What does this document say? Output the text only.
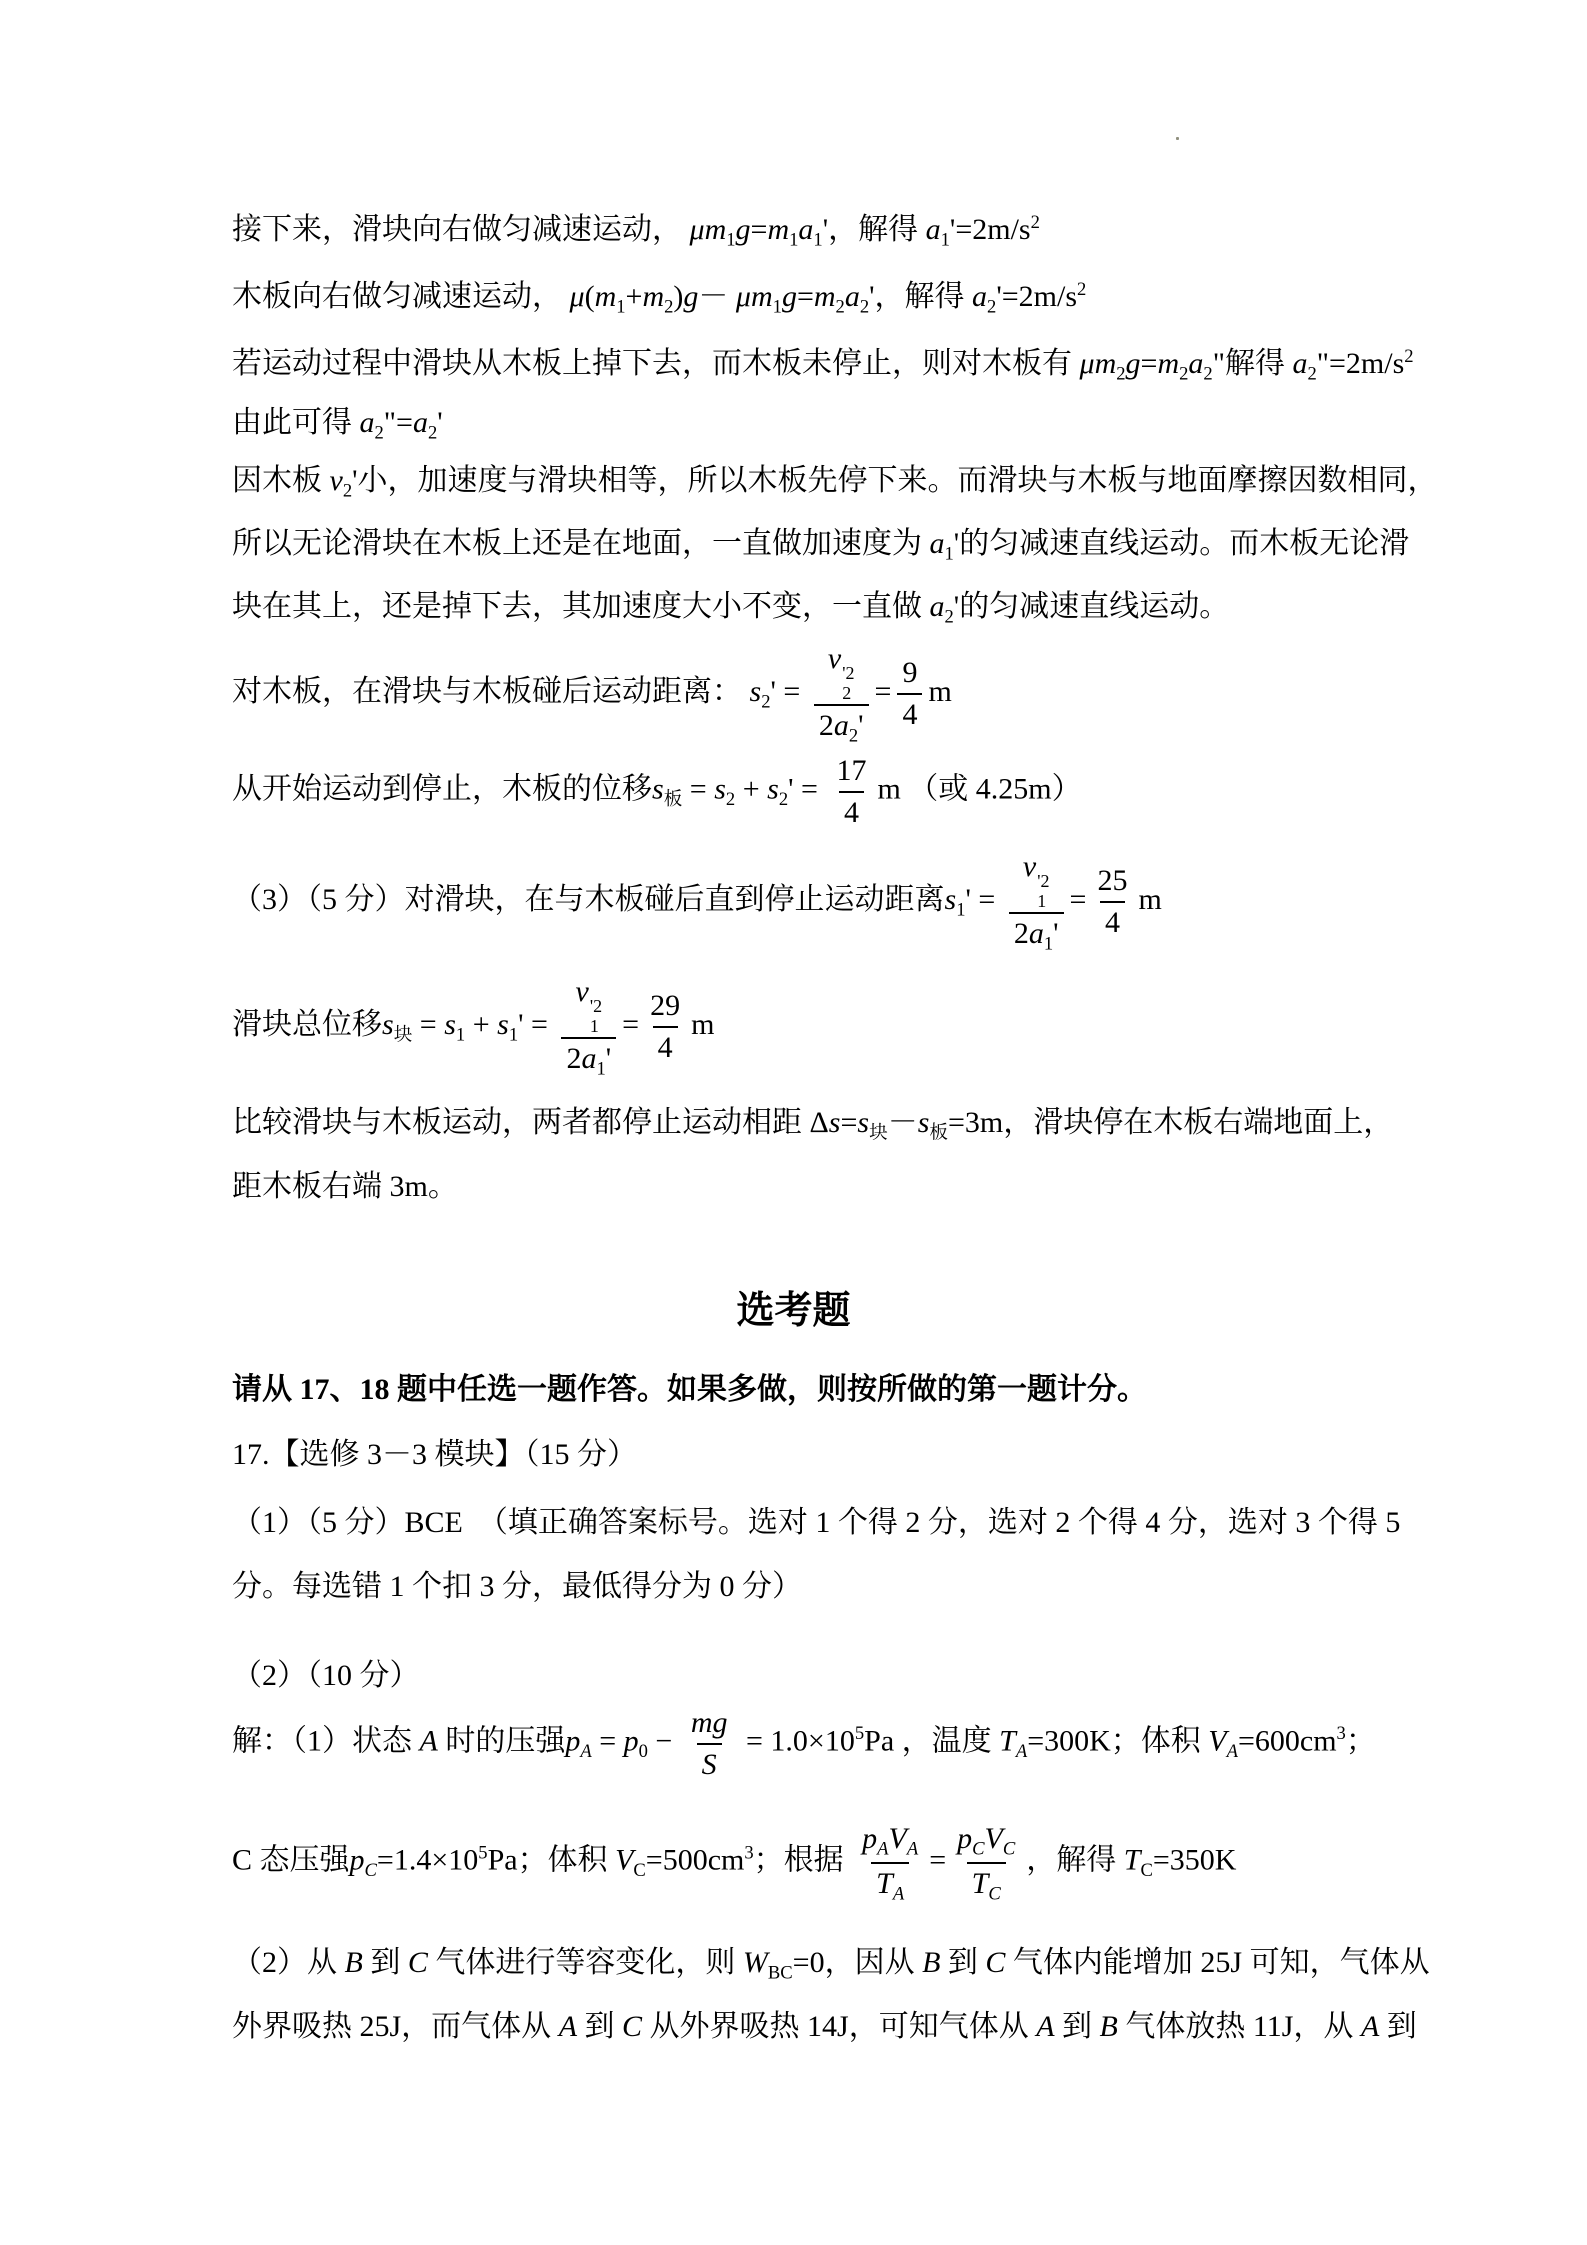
接下来，滑块向右做匀减速运动， $\mu m_1g=m_1a_1'$，解得 $a_1'=2m/s^2$
木板向右做匀减速运动， $\mu(m_1+m_2)g- \mu m_1g=m_2a_2'$，解得 $a_2'=2m/s^2$
若运动过程中滑块从木板上掉下去，而木板未停止，则对木板有 $\mu m_2g=m_2a_2$"解得 $a_2"=2m/s^2$
由此可得 $a_2"=a_2'$
因木板 $v_2'$小，加速度与滑块相等，所以木板先停下来。而滑块与木板与地面摩擦因数相同，
所以无论滑块在木板上还是在地面，一直做加速度为 $a_1'$的匀减速直线运动。而木板无论滑
块在其上，还是掉下去，其加速度大小不变，一直做 $a_2'$的匀减速直线运动。
对木板，在滑块与木板碰后运动距离： $s_2' = v$ '2
2
$2a_2' = \frac{9}{4}$ m
从开始运动到停止，木板的位移$s_板 = s_2 + s_2' = \frac{17}{4}$ m （或 4.25m）
（3）（5 分）对滑块，在与木板碰后直到停止运动距离$s_1' = v$ '2
1
$2a_1' = \frac{25}{4}$ m
滑块总位移$s_块 = s_1 + s_1' = v$ '2
1
$2a_1' = \frac{29}{4}$ m
比较滑块与木板运动，两者都停止运动相距 $\Delta s=s_块-s_板=3m$，滑块停在木板右端地面上，
距木板右端 3m。
选考题
请从 17、18 题中任选一题作答。如果多做，则按所做的第一题计分。
17.【选修 3－3 模块】（15 分）
（1）（5 分）BCE  （填正确答案标号。选对 1 个得 2 分，选对 2 个得 4 分，选对 3 个得 5
分。每选错 1 个扣 3 分，最低得分为 0 分）
（2）（10 分）
解：（1）状态 A 时的压强$p_A = p_0 - \frac{mg}{S} = 1.0\times 10^5Pa$ ，温度 $T_A=300K$；体积 $V_A=600cm^3$；
C 态压强$p_C=1.4\times 10^5Pa$；体积 $V_C=500cm^3$；根据 $\frac{p_AV_A}{T_A} = \frac{p_CV_C}{T_C}$ ，解得 $T_C=350K$
（2）从 B 到 C 气体进行等容变化，则 $W_{BC}=0$，因从 B 到 C 气体内能增加 25J 可知，气体从
外界吸热 25J，而气体从 A 到 C 从外界吸热 14J，可知气体从 A 到 B 气体放热 11J，从 A 到
